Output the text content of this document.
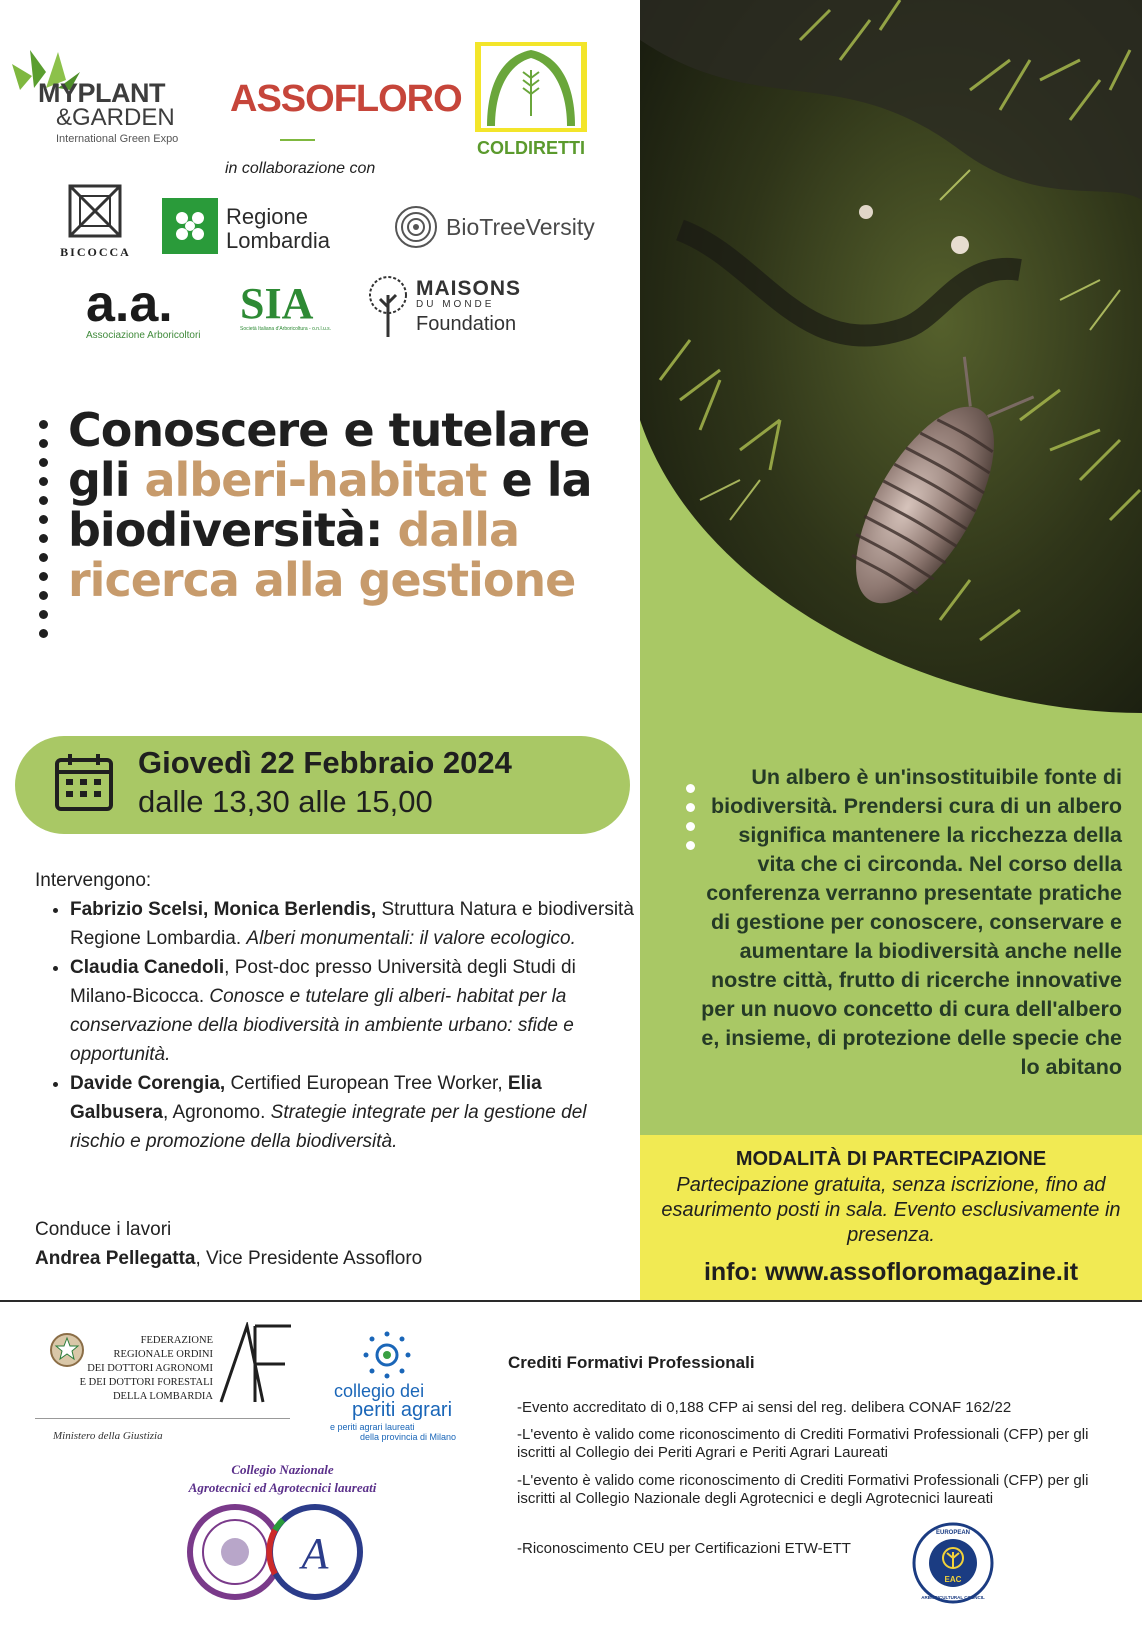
MYPLANT
&GARDEN
International Green Expo
ASSOFLORO
COLDIRETTI
in collaborazione con
BICOCCA
Regione
Lombardia
BioTreeVersity
a.a.
Associazione Arboricoltori
SIA
Società Italiana d'Arboricoltura - o.n.l.u.s.
MAISONS
DU MONDE
Foundation
Conoscere e tutelare gli alberi-habitat e la biodiversità: dalla ricerca alla gestione
Giovedì 22 Febbraio 2024
dalle 13,30 alle 15,00
Intervengono:
• Fabrizio Scelsi, Monica Berlendis, Struttura Natura e biodiversità Regione Lombardia. Alberi monumentali: il valore ecologico.
• Claudia Canedoli, Post-doc presso Università degli Studi di Milano-Bicocca. Conosce e tutelare gli alberi- habitat per la conservazione della biodiversità in ambiente urbano: sfide e opportunità.
• Davide Corengia, Certified European Tree Worker, Elia Galbusera, Agronomo. Strategie integrate per la gestione del rischio e promozione della biodiversità.
Conduce i lavori
Andrea Pellegatta, Vice Presidente Assofloro

Un albero è un'insostituibile fonte di biodiversità. Prendersi cura di un albero significa mantenere la ricchezza della vita che ci circonda. Nel corso della conferenza verranno presentate pratiche di gestione per conoscere, conservare e aumentare la biodiversità anche nelle nostre città, frutto di ricerche innovative per un nuovo concetto di cura dell'albero e, insieme, di protezione delle specie che lo abitano

MODALITÀ DI PARTECIPAZIONE
Partecipazione gratuita, senza iscrizione, fino ad esaurimento posti in sala. Evento esclusivamente in presenza.
info: www.assofloromagazine.it
FEDERAZIONE
REGIONALE ORDINI
DEI DOTTORI AGRONOMI
E DEI DOTTORI FORESTALI
DELLA LOMBARDIA
Ministero della Giustizia
collegio dei
periti agrari
e periti agrari laureati
della provincia di Milano
Collegio Nazionale
Agrotecnici ed Agrotecnici laureati
A
Crediti Formativi Professionali
-Evento accreditato di 0,188 CFP ai sensi del reg. delibera CONAF 162/22
-L'evento è valido come riconoscimento di Crediti Formativi Professionali (CFP) per gli iscritti al Collegio dei Periti Agrari e Periti Agrari Laureati
-L'evento è valido come riconoscimento di Crediti Formativi Professionali (CFP) per gli iscritti al Collegio Nazionale degli Agrotecnici e degli Agrotecnici laureati
-Riconoscimento CEU per Certificazioni ETW-ETT
EAC
EUROPEAN
ARBORICULTURAL COUNCIL
